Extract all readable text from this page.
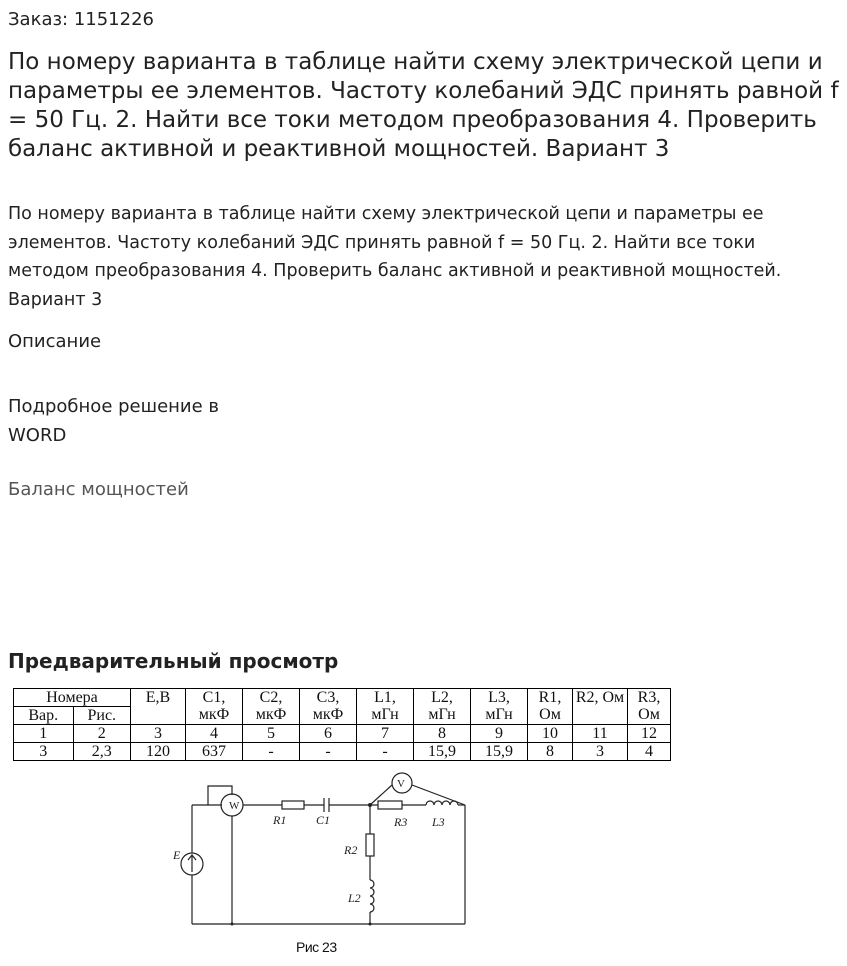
Заказ: 1151226
По номеру варианта в таблице найти схему электрической цепи и параметры ее элементов. Частоту колебаний ЭДС принять равной f = 50 Гц. 2. Найти все токи методом преобразования 4. Проверить баланс активной и реактивной мощностей. Вариант 3

По номеру варианта в таблице найти схему электрической цепи и параметры ее элементов. Частоту колебаний ЭДС принять равной f = 50 Гц. 2. Найти все токи методом преобразования 4. Проверить баланс активной и реактивной мощностей. Вариант 3

Описание
Подробное решение в WORD
Баланс мощностей
Предварительный просмотр
Номера		E,В	C1, мкФ	C2, мкФ	C3, мкФ	L1, мГн	L2, мГн	L3, мГн	R1, Ом	R2, Ом	R3, Ом
Вар.	Рис.										
1	2	3	4	5	6	7	8	9	10	11	12
3	2,3	120	637	-	-	-	15,9	15,9	8	3	4
W
V
E
R1 C1	R3 L3
R2
L2
Рис 23
